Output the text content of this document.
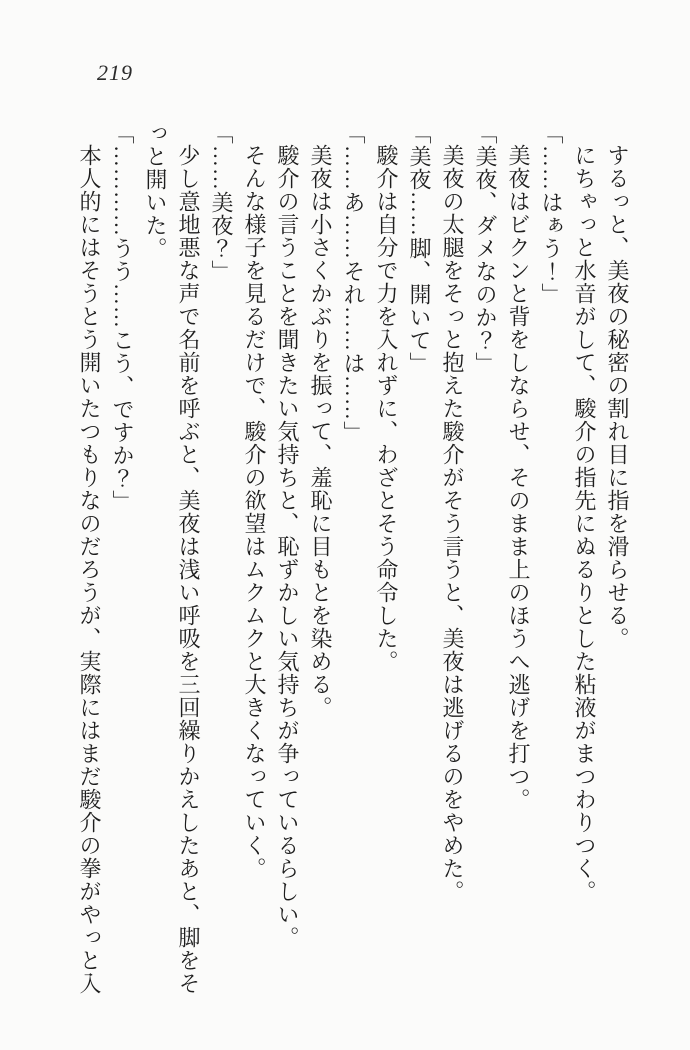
219

するっと、美夜の秘密の割れ目に指を滑らせる。

にちゃっと水音がして、駿介の指先にぬるりとした粘液がまつわりつく。

「……はぁう！」

美夜はビクンと背をしならせ、そのまま上のほうへ逃げを打つ。

「美夜、ダメなのか？」

美夜の太腿をそっと抱えた駿介がそう言うと、美夜は逃げるのをやめた。

「美夜……脚、開いて」

駿介は自分で力を入れずに、わざとそう命令した。

「……あ……それ……は……」

美夜は小さくかぶりを振って、羞恥に目もとを染める。

駿介の言うことを聞きたい気持ちと、恥ずかしい気持ちが争っているらしい。

そんな様子を見るだけで、駿介の欲望はムクムクと大きくなっていく。

「……美夜？」

少し意地悪な声で名前を呼ぶと、美夜は浅い呼吸を三回繰りかえしたあと、脚をそっと開いた。

「…………うう……こう、ですか？」

本人的にはそうとう開いたつもりなのだろうが、実際にはまだ駿介の拳がやっと入
